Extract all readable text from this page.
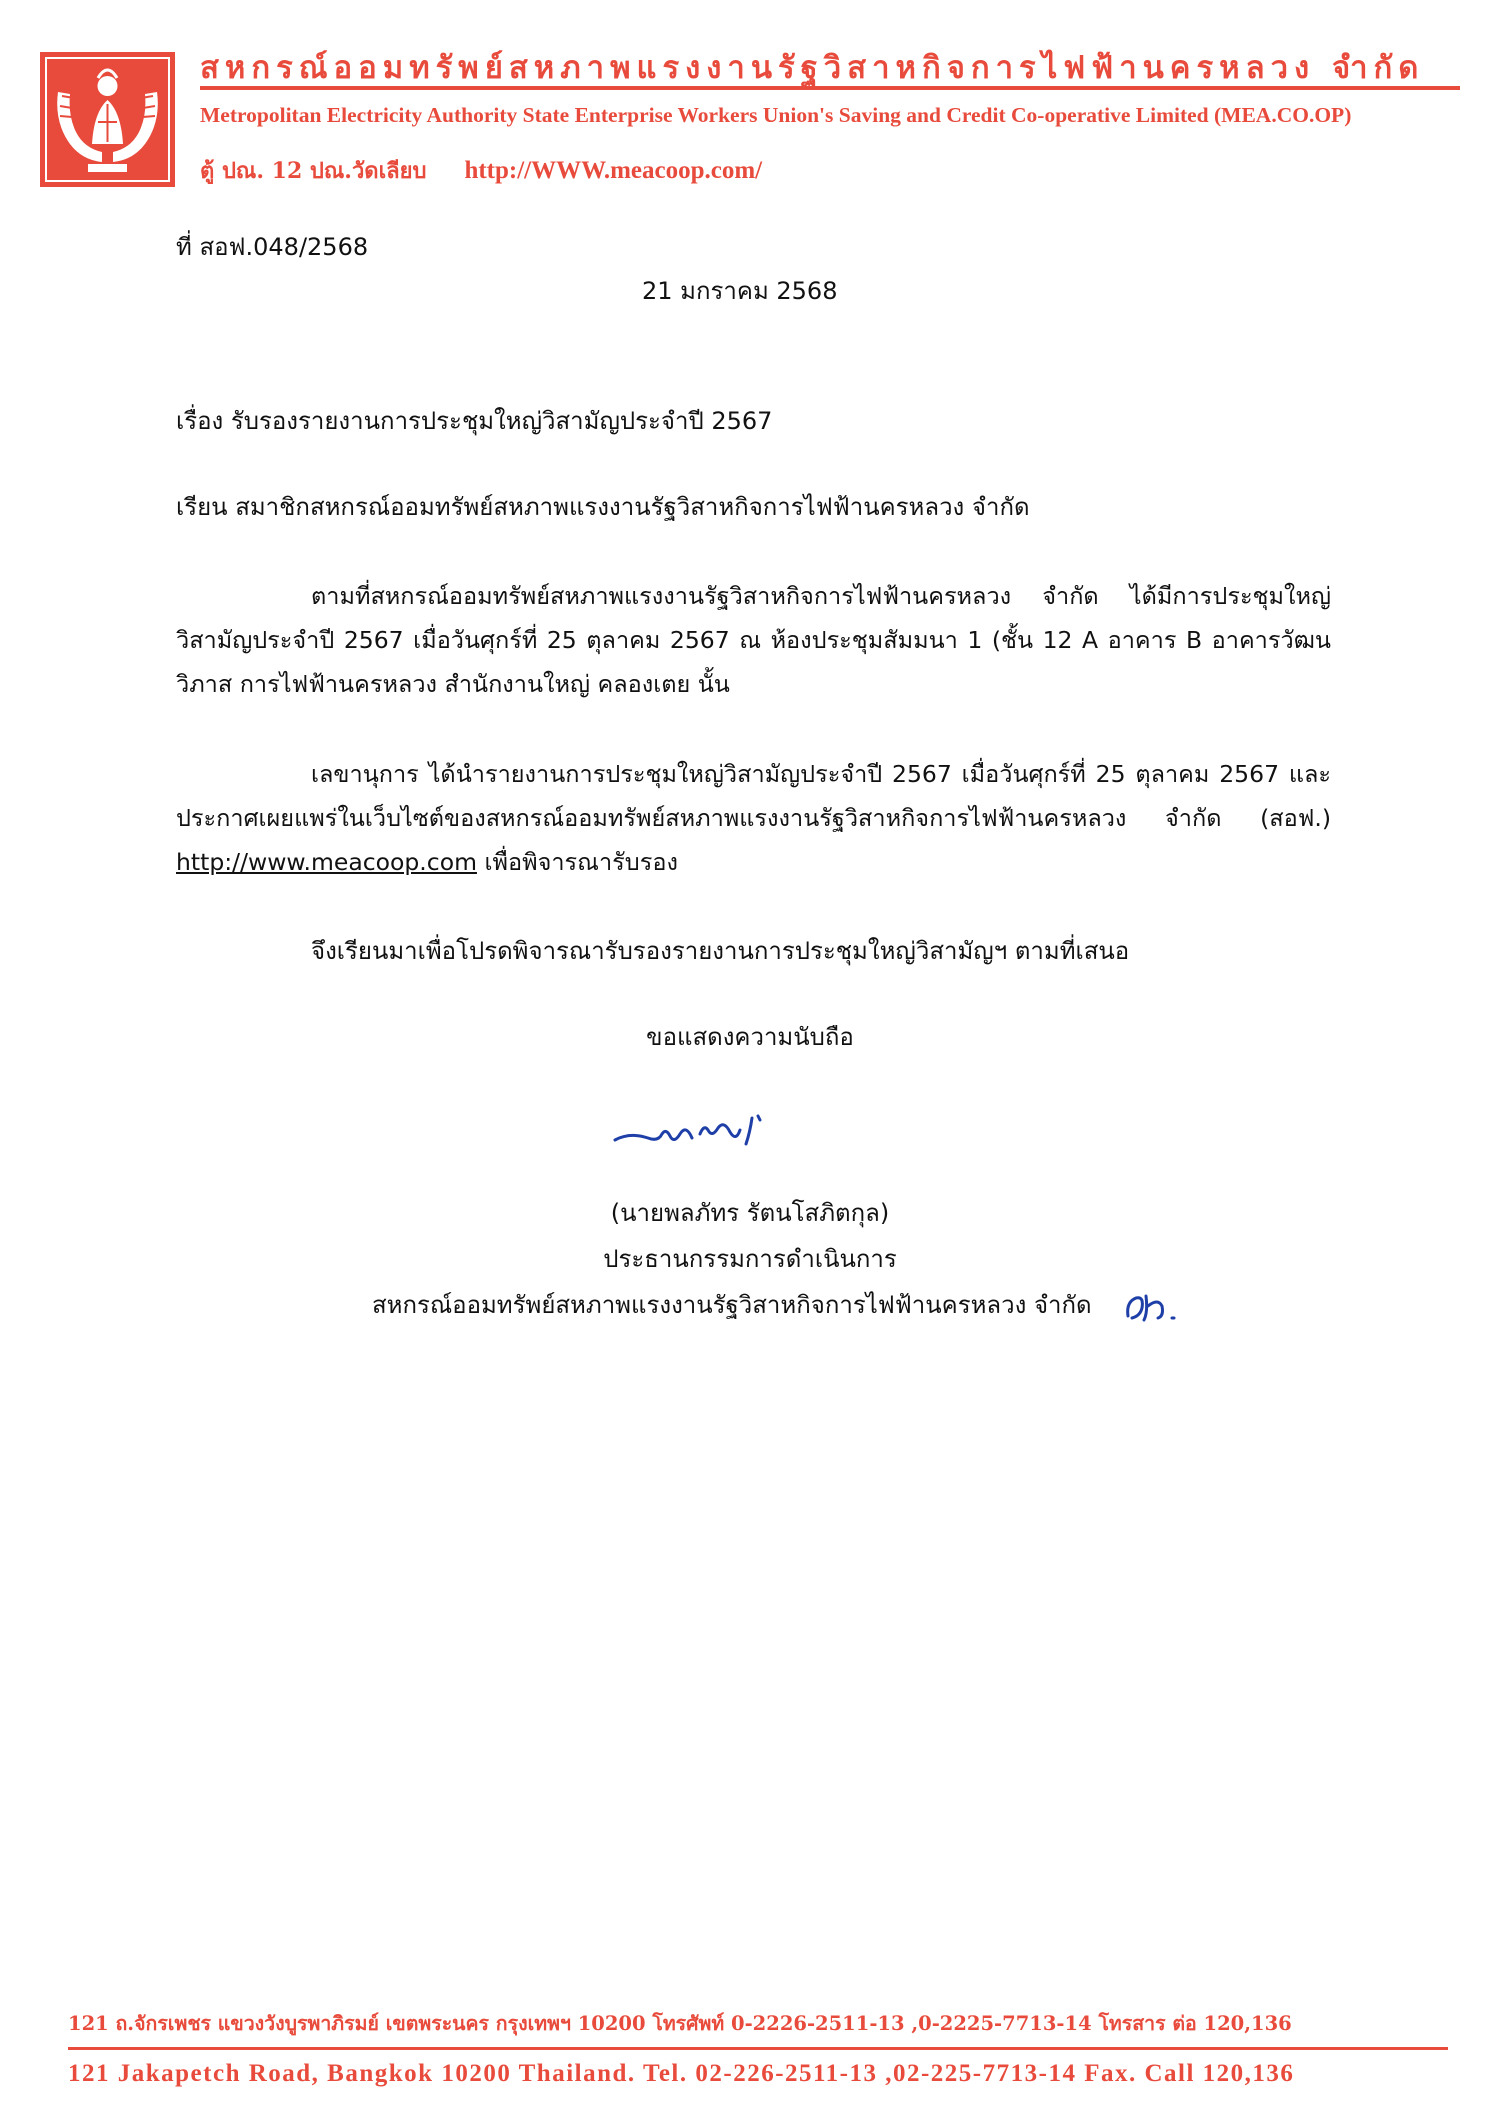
สหกรณ์ออมทรัพย์สหภาพแรงงานรัฐวิสาหกิจการไฟฟ้านครหลวง จำกัด
Metropolitan Electricity Authority State Enterprise Workers Union's Saving and Credit Co-operative Limited (MEA.CO.OP)
ตู้ ปณ. 12 ปณ.วัดเลียบ http://WWW.meacoop.com/
ที่ สอฟ.048/2568
21 มกราคม 2568
เรื่อง รับรองรายงานการประชุมใหญ่วิสามัญประจำปี 2567
เรียน สมาชิกสหกรณ์ออมทรัพย์สหภาพแรงงานรัฐวิสาหกิจการไฟฟ้านครหลวง จำกัด
ตามที่สหกรณ์ออมทรัพย์สหภาพแรงงานรัฐวิสาหกิจการไฟฟ้านครหลวง จำกัด ได้มีการประชุมใหญ่วิสามัญประจำปี 2567 เมื่อวันศุกร์ที่ 25 ตุลาคม 2567 ณ ห้องประชุมสัมมนา 1 (ชั้น 12 A อาคาร B อาคารวัฒนวิภาส การไฟฟ้านครหลวง สำนักงานใหญ่ คลองเตย นั้น
เลขานุการ ได้นำรายงานการประชุมใหญ่วิสามัญประจำปี 2567 เมื่อวันศุกร์ที่ 25 ตุลาคม 2567 และประกาศเผยแพร่ในเว็บไซต์ของสหกรณ์ออมทรัพย์สหภาพแรงงานรัฐวิสาหกิจการไฟฟ้านครหลวง จำกัด (สอฟ.) http://www.meacoop.com เพื่อพิจารณารับรอง
จึงเรียนมาเพื่อโปรดพิจารณารับรองรายงานการประชุมใหญ่วิสามัญฯ ตามที่เสนอ
ขอแสดงความนับถือ
(นายพลภัทร รัตนโสภิตกุล)
ประธานกรรมการดำเนินการ
สหกรณ์ออมทรัพย์สหภาพแรงงานรัฐวิสาหกิจการไฟฟ้านครหลวง จำกัด
121 ถ.จักรเพชร แขวงวังบูรพาภิรมย์ เขตพระนคร กรุงเทพฯ 10200 โทรศัพท์ 0-2226-2511-13 ,0-2225-7713-14 โทรสาร ต่อ 120,136
121 Jakapetch Road, Bangkok 10200 Thailand. Tel. 02-226-2511-13 ,02-225-7713-14 Fax. Call 120,136
